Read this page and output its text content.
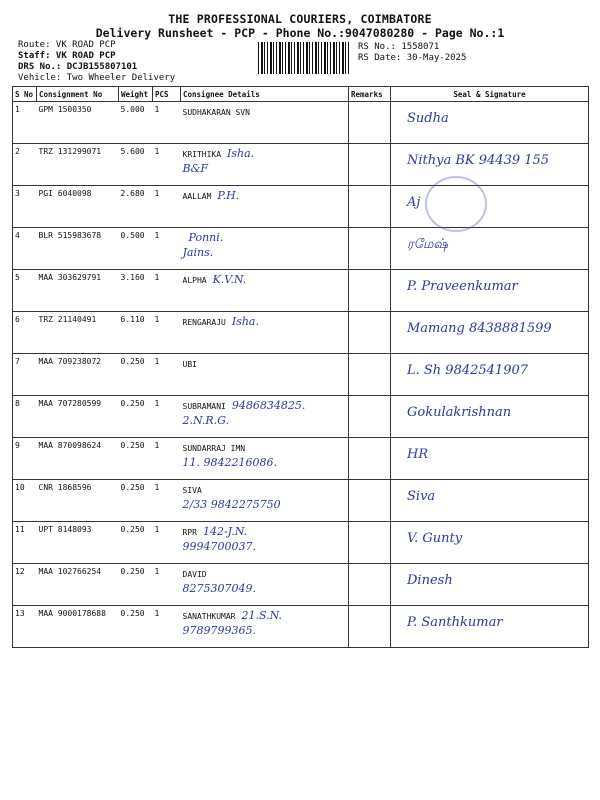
THE PROFESSIONAL COURIERS, COIMBATORE
Delivery Runsheet - PCP - Phone No.:9047080280 - Page No.:1
Route: VK ROAD PCP
Staff: VK ROAD PCP
DRS No.: DCJB155807101
Vehicle: Two Wheeler Delivery
RS No.: 1558071
RS Date: 30-May-2025
S No	Consignment No	Weight	PCS	Consignee Details	Remarks	Seal & Signature
1	GPM 1500350	5.000	1	SUDHAKARAN SVN		Sudha

2	TRZ 131299071	5.600	1	KRITHIKA Isha.
B&F		Nithya BK 94439 155

3	PGI 6040098	2.680	1	AALLAM P.H.		Aj

4	BLR 515983678	0.500	1	Ponni.
Jains.		ரமேஷ்

5	MAA 303629791	3.160	1	ALPHA K.V.N.		P. Praveenkumar

6	TRZ 21140491	6.110	1	RENGARAJU Isha.		Mamang 8438881599

7	MAA 709238072	0.250	1	UBI		L. Sh 9842541907

8	MAA 707280599	0.250	1	SUBRAMANI 9486834825.
2.N.R.G.		Gokulakrishnan

9	MAA 870098624	0.250	1	SUNDARRAJ IMN
11. 9842216086.		HR

10	CNR 1868596	0.250	1	SIVA
2/33 9842275750		Siva

11	UPT 8148093	0.250	1	RPR 142-J.N.
9994700037.		V. Gunty

12	MAA 102766254	0.250	1	DAVID
8275307049.		Dinesh

13	MAA 9000178688	0.250	1	SANATHKUMAR 21.S.N.
9789799365.		P. Santhkumar
